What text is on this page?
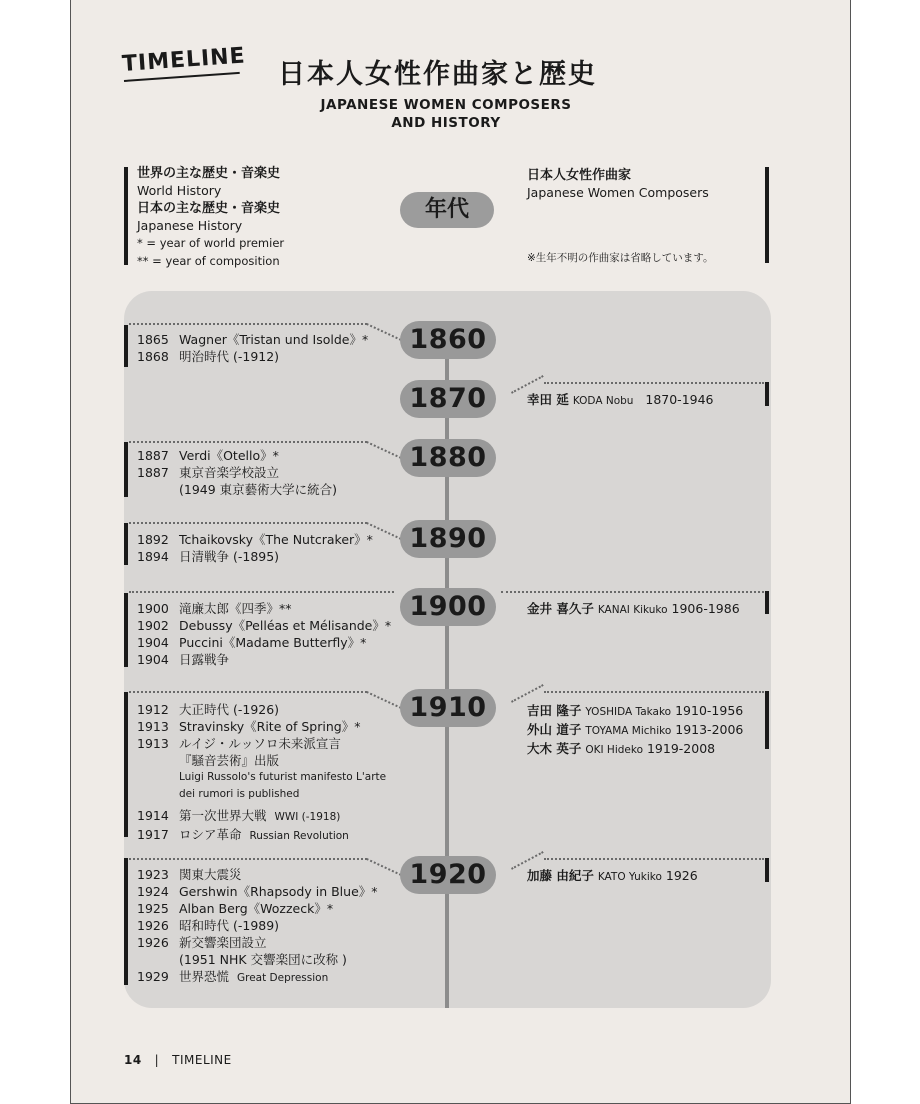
TIMELINE 日本人女性作曲家と歴史
JAPANESE WOMEN COMPOSERS AND HISTORY
世界の主な歴史・音楽史
World History
日本の主な歴史・音楽史
Japanese History
* = year of world premier
** = year of composition
年代
日本人女性作曲家
Japanese Women Composers
※生年不明の作曲家は省略しています。
1860
1870
1880
1890
1900
1910
1920
1865 Wagner《Tristan und Isolde》*
1868 明治時代 (-1912)
1887 Verdi《Otello》*
1887 東京音楽学校設立
(1949 東京藝術大学に統合)
1892 Tchaikovsky《The Nutcraker》*
1894 日清戦争 (-1895)
1900 滝廉太郎《四季》**
1902 Debussy《Pelléas et Mélisande》*
1904 Puccini《Madame Butterfly》*
1904 日露戦争
1912 大正時代 (-1926)
1913 Stravinsky《Rite of Spring》*
1913 ルイジ・ルッソロ未来派宣言
『騒音芸術』出版
Luigi Russolo's futurist manifesto L'arte
dei rumori is published
1914 第一次世界大戦 WWI (-1918)
1917 ロシア革命 Russian Revolution
1923 関東大震災
1924 Gershwin《Rhapsody in Blue》*
1925 Alban Berg《Wozzeck》*
1926 昭和時代 (-1989)
1926 新交響楽団設立
(1951 NHK 交響楽団に改称 )
1929 世界恐慌 Great Depression
幸田 延 KODA Nobu 1870-1946
金井 喜久子 KANAI Kikuko 1906-1986
吉田 隆子 YOSHIDA Takako 1910-1956
外山 道子 TOYAMA Michiko 1913-2006
大木 英子 OKI Hideko 1919-2008
加藤 由紀子 KATO Yukiko 1926
14 | TIMELINE
